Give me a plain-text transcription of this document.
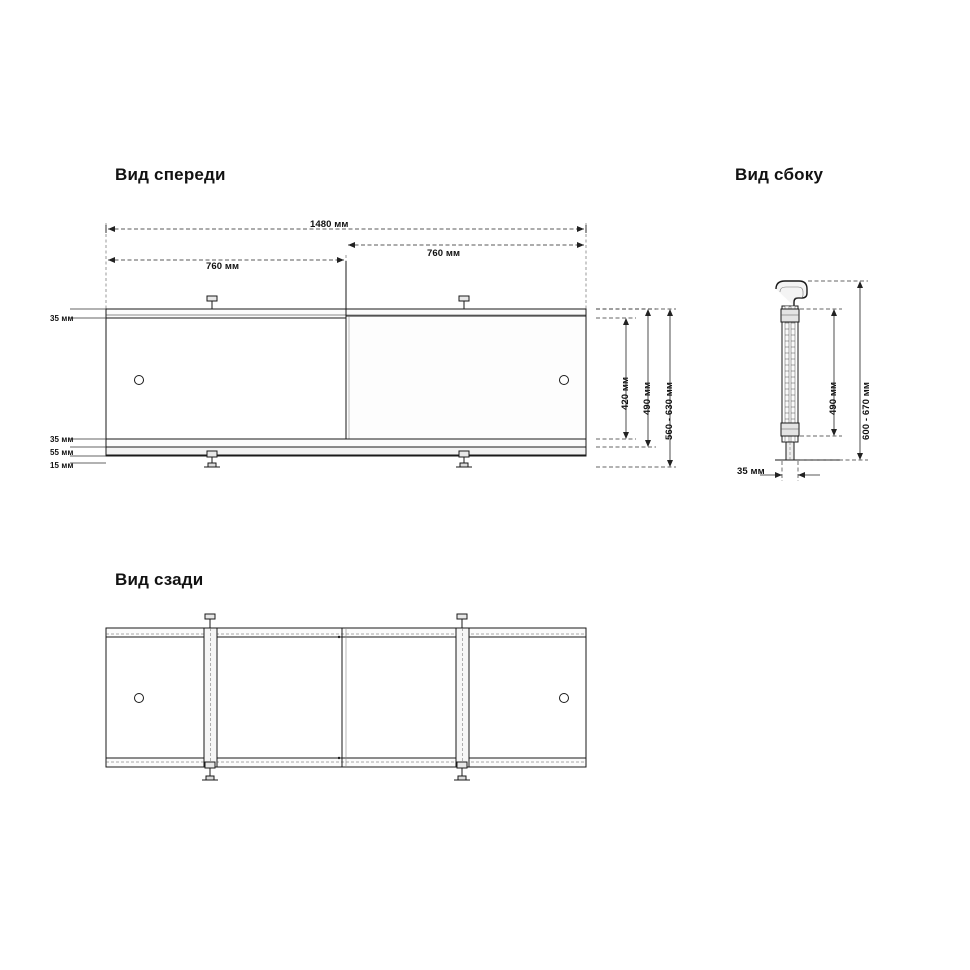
Вид спереди	Вид сбоку
Вид сзади
1480 мм
760 мм
760 мм
35 мм
35 мм
55 мм
15 мм
420 мм 490 мм 560 - 630 мм
35 мм
490 мм 600 - 670 мм
